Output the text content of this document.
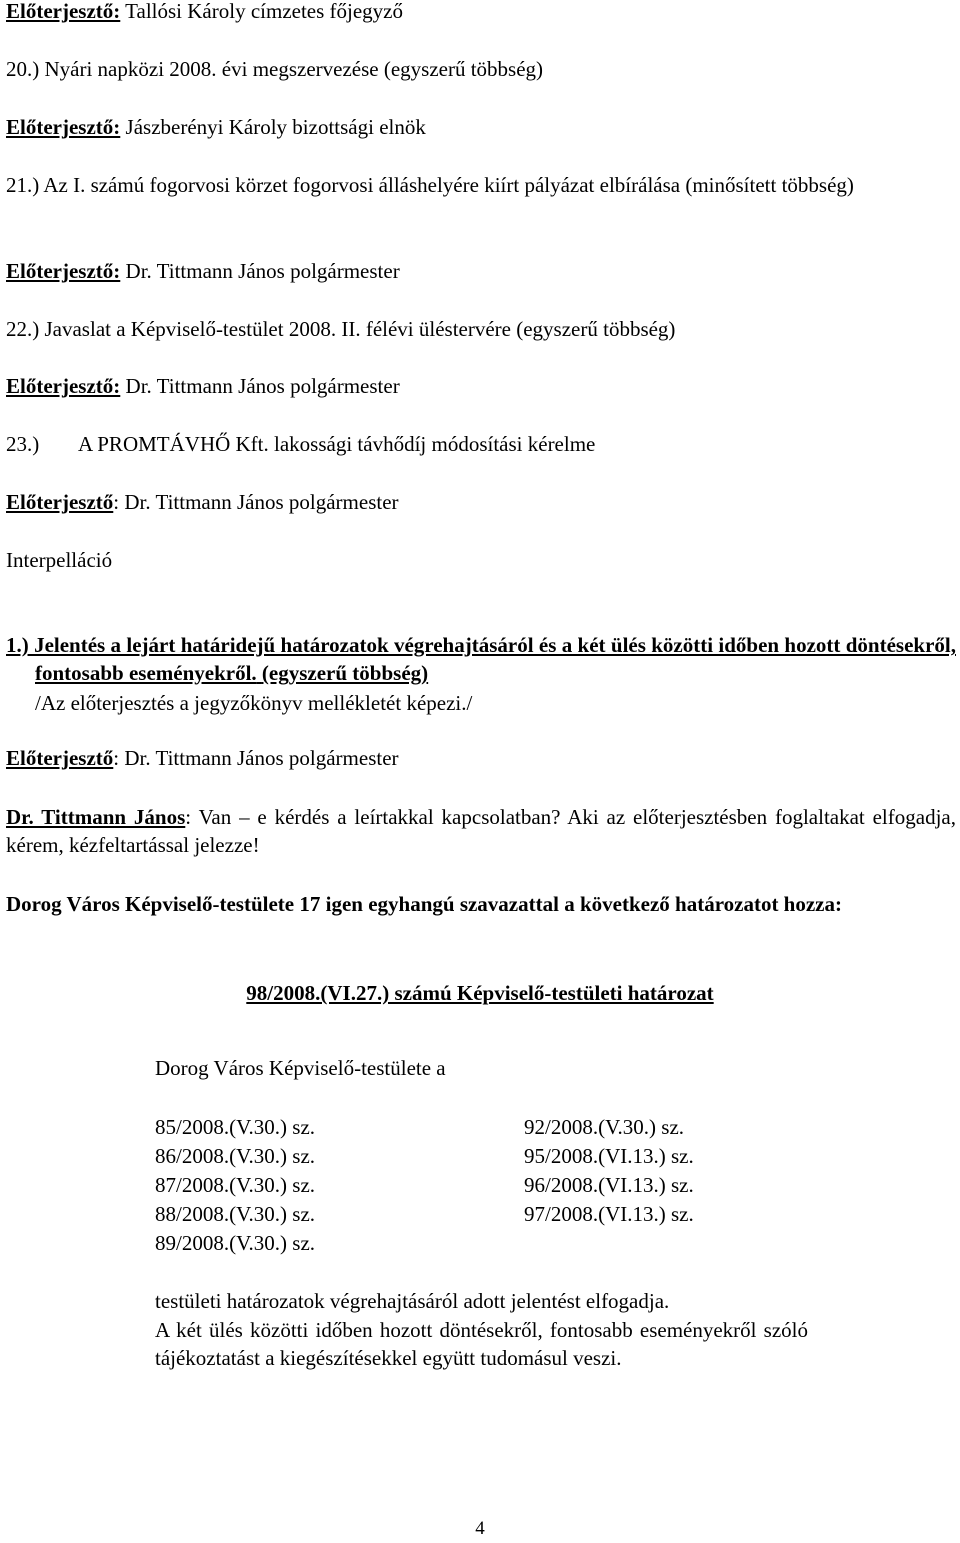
Előterjesztő: Tallósi Károly címzetes főjegyző
20.) Nyári napközi 2008. évi megszervezése (egyszerű többség)
Előterjesztő: Jászberényi Károly bizottsági elnök
21.) Az I. számú fogorvosi körzet fogorvosi álláshelyére kiírt pályázat elbírálása (minősített többség)
Előterjesztő: Dr. Tittmann János polgármester
22.) Javaslat a Képviselő-testület 2008. II. félévi üléstervére (egyszerű többség)
Előterjesztő: Dr. Tittmann János polgármester
23.) A PROMTÁVHŐ Kft. lakossági távhődíj módosítási kérelme
Előterjesztő: Dr. Tittmann János polgármester
Interpelláció
1.) Jelentés a lejárt határidejű határozatok végrehajtásáról és a két ülés közötti időben hozott döntésekről, fontosabb eseményekről. (egyszerű többség)
/Az előterjesztés a jegyzőkönyv mellékletét képezi./
Előterjesztő: Dr. Tittmann János polgármester
Dr. Tittmann János: Van – e kérdés a leírtakkal kapcsolatban? Aki az előterjesztésben foglaltakat elfogadja, kérem, kézfeltartással jelezze!
Dorog Város Képviselő-testülete 17 igen egyhangú szavazattal a következő határozatot hozza:
98/2008.(VI.27.) számú Képviselő-testületi határozat
Dorog Város Képviselő-testülete a
85/2008.(V.30.) sz.
86/2008.(V.30.) sz.
87/2008.(V.30.) sz.
88/2008.(V.30.) sz.
89/2008.(V.30.) sz.
92/2008.(V.30.) sz.
95/2008.(VI.13.) sz.
96/2008.(VI.13.) sz.
97/2008.(VI.13.) sz.
testületi határozatok végrehajtásáról adott jelentést elfogadja.
A két ülés közötti időben hozott döntésekről, fontosabb eseményekről szóló tájékoztatást a kiegészítésekkel együtt tudomásul veszi.
4
